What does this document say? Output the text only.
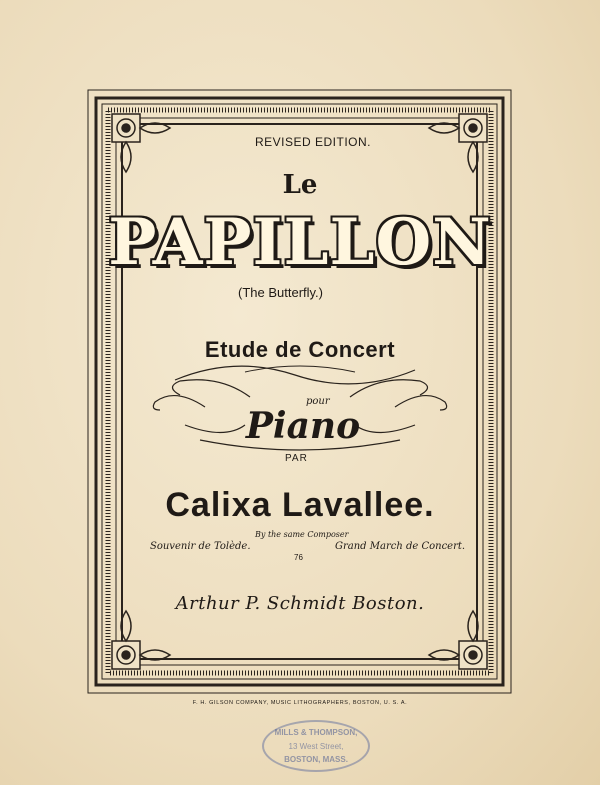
REVISED EDITION.
Le
PAPILLON
(The Butterfly.)
Etude de Concert
pour
Piano
PAR
Calixa Lavallee.
By the same Composer
Souvenir de Tolède.	Grand March de Concert.
76
Arthur P. Schmidt Boston.
F. H. GILSON COMPANY, MUSIC LITHOGRAPHERS, BOSTON, U. S. A.
MILLS & THOMPSON,
13 West Street,
BOSTON, MASS.
